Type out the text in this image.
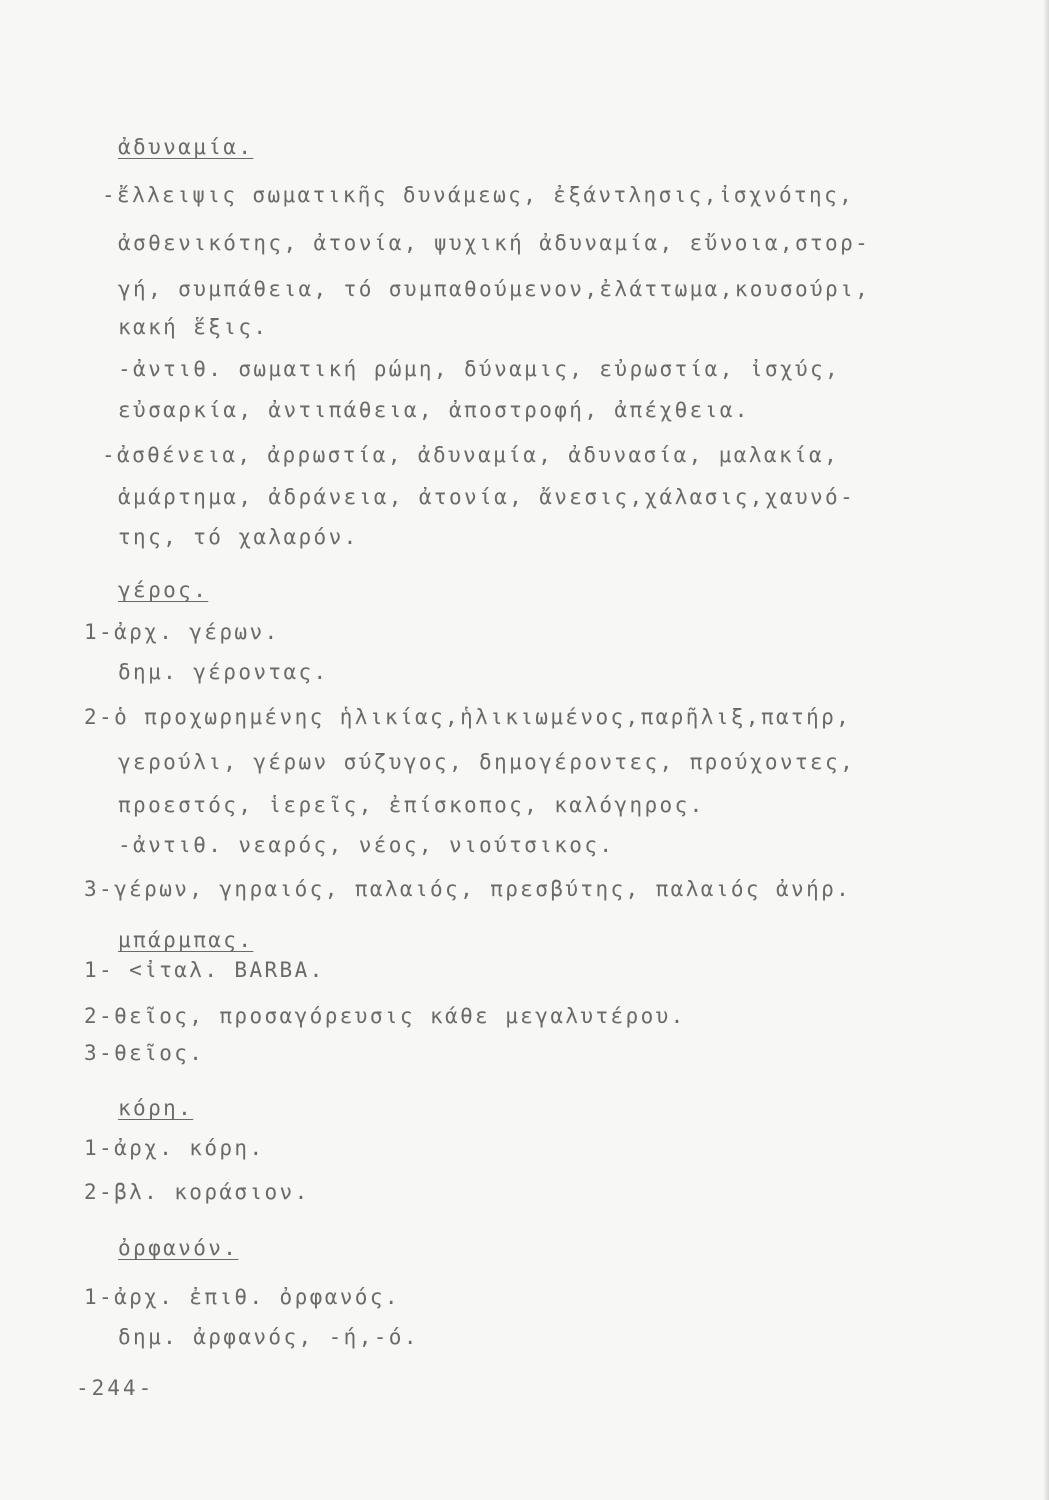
ἀδυναμία.
-ἔλλειψις σωματικῆς δυνάμεως, ἐξάντλησις,ἰσχνότης,
ἀσθενικότης, ἀτονία, ψυχική ἀδυναμία, εὔνοια,στορ-
γή, συμπάθεια, τό συμπαθούμενον,ἐλάττωμα,κουσούρι,
κακή ἕξις.
-ἀντιθ. σωματική ρώμη, δύναμις, εὐρωστία, ἰσχύς,
εὐσαρκία, ἀντιπάθεια, ἀποστροφή, ἀπέχθεια.
-ἀσθένεια, ἀρρωστία, ἀδυναμία, ἀδυνασία, μαλακία,
ἁμάρτημα, ἀδράνεια, ἀτονία, ἄνεσις,χάλασις,χαυνό-
της, τό χαλαρόν.
γέρος.
1-ἀρχ. γέρων.
δημ. γέροντας.
2-ὁ προχωρημένης ἡλικίας,ἡλικιωμένος,παρῆλιξ,πατήρ,
γερούλι, γέρων σύζυγος, δημογέροντες, προύχοντες,
προεστός, ἱερεῖς, ἐπίσκοπος, καλόγηρος.
-ἀντιθ. νεαρός, νέος, νιούτσικος.
3-γέρων, γηραιός, παλαιός, πρεσβύτης, παλαιός ἀνήρ.
μπάρμπας.
1- <ἰταλ. BARBA.
2-θεῖος, προσαγόρευσις κάθε μεγαλυτέρου.
3-θεῖος.
κόρη.
1-ἀρχ. κόρη.
2-βλ. κοράσιον.
ὀρφανόν.
1-ἀρχ. ἐπιθ. ὀρφανός.
δημ. ἀρφανός, -ή,-ό.
-244-
